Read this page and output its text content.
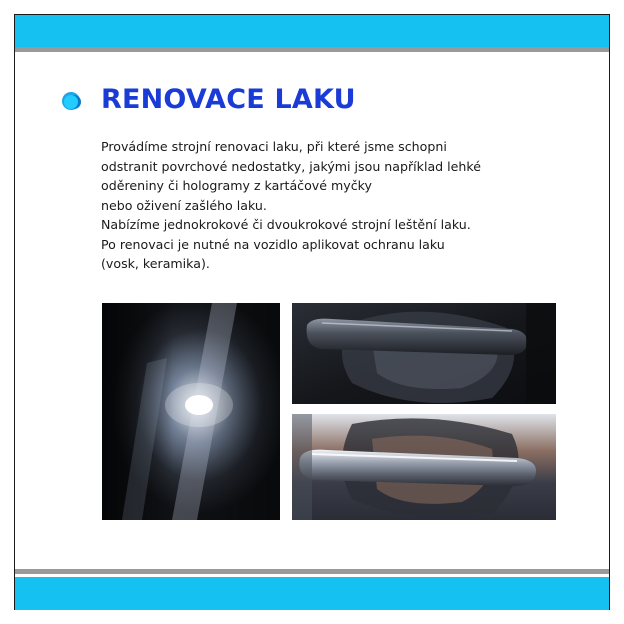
RENOVACE LAKU
Provádíme strojní renovaci laku, při které jsme schopni
odstranit povrchové nedostatky, jakými jsou například lehké
oděreniny či hologramy z kartáčové myčky
nebo oživení zašlého laku.
Nabízíme jednokrokové či dvoukrokové strojní leštění laku.
Po renovaci je nutné na vozidlo aplikovat ochranu laku
(vosk, keramika).
